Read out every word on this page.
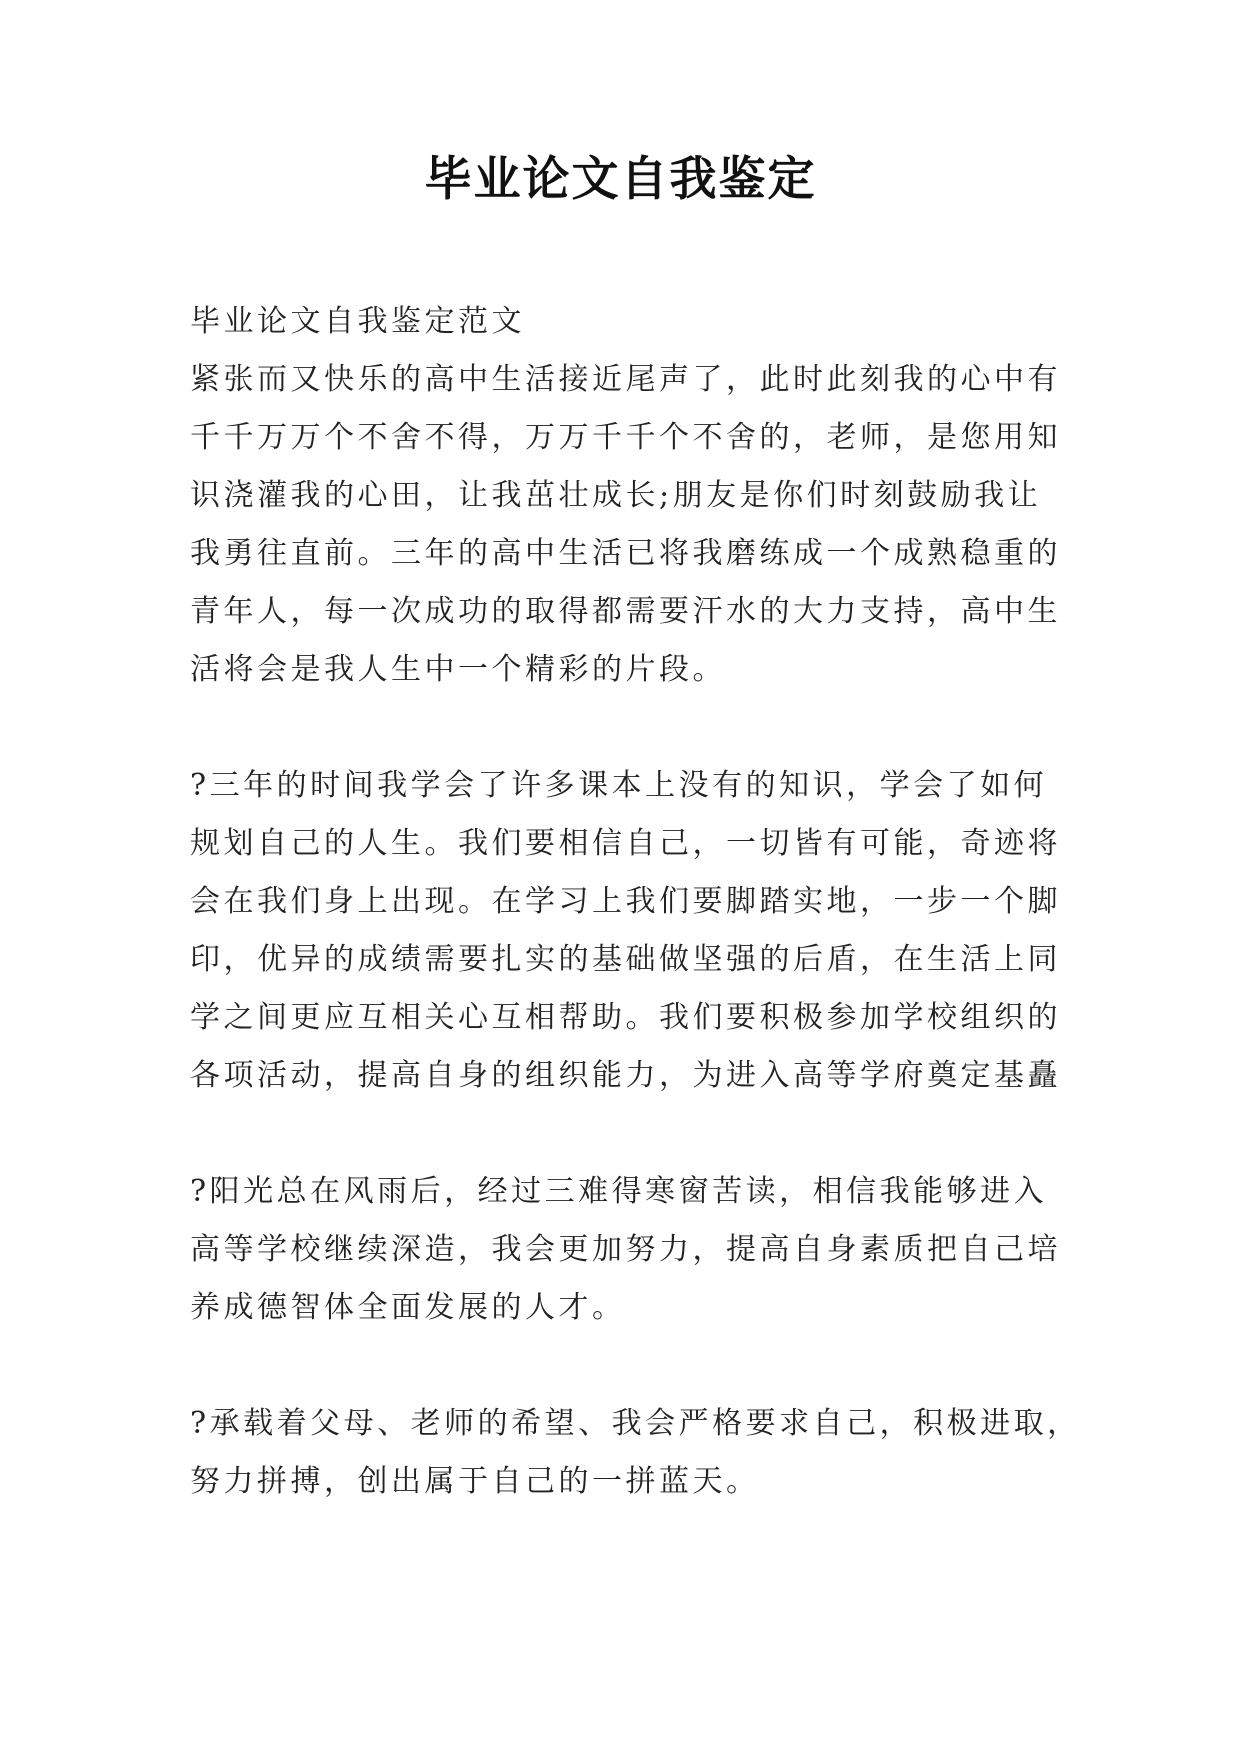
毕业论文自我鉴定
毕业论文自我鉴定范文
紧张而又快乐的高中生活接近尾声了，此时此刻我的心中有
千千万万个不舍不得，万万千千个不舍的，老师，是您用知
识浇灌我的心田，让我茁壮成长;朋友是你们时刻鼓励我让
我勇往直前。三年的高中生活已将我磨练成一个成熟稳重的
青年人，每一次成功的取得都需要汗水的大力支持，高中生
活将会是我人生中一个精彩的片段。
?三年的时间我学会了许多课本上没有的知识，学会了如何
规划自己的人生。我们要相信自己，一切皆有可能，奇迹将
会在我们身上出现。在学习上我们要脚踏实地，一步一个脚
印，优异的成绩需要扎实的基础做坚强的后盾，在生活上同
学之间更应互相关心互相帮助。我们要积极参加学校组织的
各项活动，提高自身的组织能力，为进入高等学府奠定基矗
?阳光总在风雨后，经过三难得寒窗苦读，相信我能够进入
高等学校继续深造，我会更加努力，提高自身素质把自己培
养成德智体全面发展的人才。
?承载着父母、老师的希望、我会严格要求自己，积极进取，
努力拼搏，创出属于自己的一拼蓝天。
